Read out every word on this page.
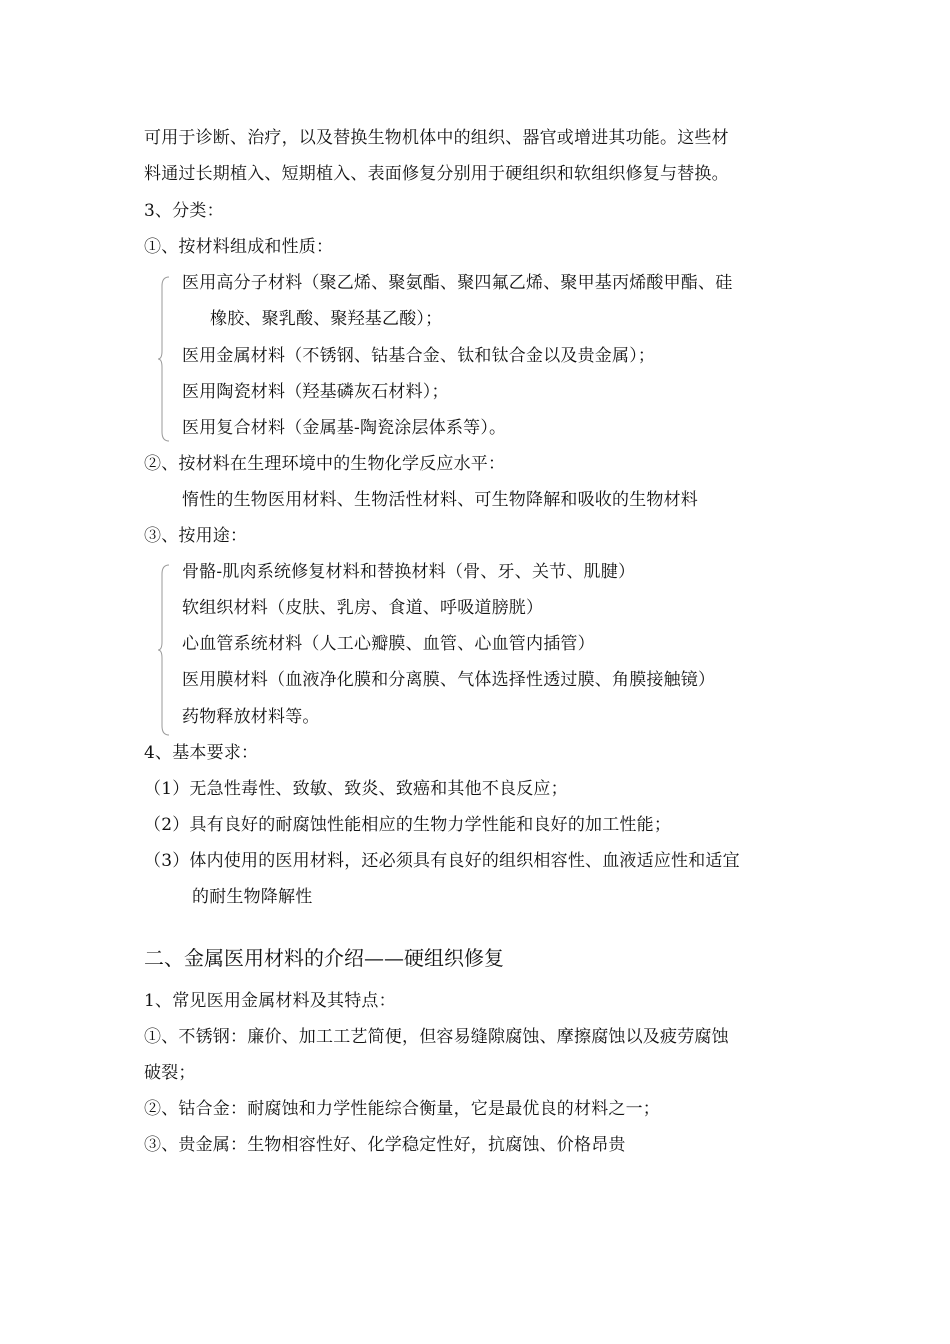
可用于诊断、治疗，以及替换生物机体中的组织、器官或增进其功能。这些材
料通过长期植入、短期植入、表面修复分别用于硬组织和软组织修复与替换。
3、分类：
①、按材料组成和性质：
医用高分子材料（聚乙烯、聚氨酯、聚四氟乙烯、聚甲基丙烯酸甲酯、硅
橡胶、聚乳酸、聚羟基乙酸）；
医用金属材料（不锈钢、钴基合金、钛和钛合金以及贵金属）；
医用陶瓷材料（羟基磷灰石材料）；
医用复合材料（金属基-陶瓷涂层体系等）。
②、按材料在生理环境中的生物化学反应水平：
惰性的生物医用材料、生物活性材料、可生物降解和吸收的生物材料
③、按用途：
骨骼-肌肉系统修复材料和替换材料（骨、牙、关节、肌腱）
软组织材料（皮肤、乳房、食道、呼吸道膀胱）
心血管系统材料（人工心瓣膜、血管、心血管内插管）
医用膜材料（血液净化膜和分离膜、气体选择性透过膜、角膜接触镜）
药物释放材料等。
4、基本要求：
（1）无急性毒性、致敏、致炎、致癌和其他不良反应；
（2）具有良好的耐腐蚀性能相应的生物力学性能和良好的加工性能；
（3）体内使用的医用材料，还必须具有良好的组织相容性、血液适应性和适宜
的耐生物降解性
二、金属医用材料的介绍——硬组织修复
1、常见医用金属材料及其特点：
①、不锈钢：廉价、加工工艺简便，但容易缝隙腐蚀、摩擦腐蚀以及疲劳腐蚀
破裂；
②、钴合金：耐腐蚀和力学性能综合衡量，它是最优良的材料之一；
③、贵金属：生物相容性好、化学稳定性好，抗腐蚀、价格昂贵
